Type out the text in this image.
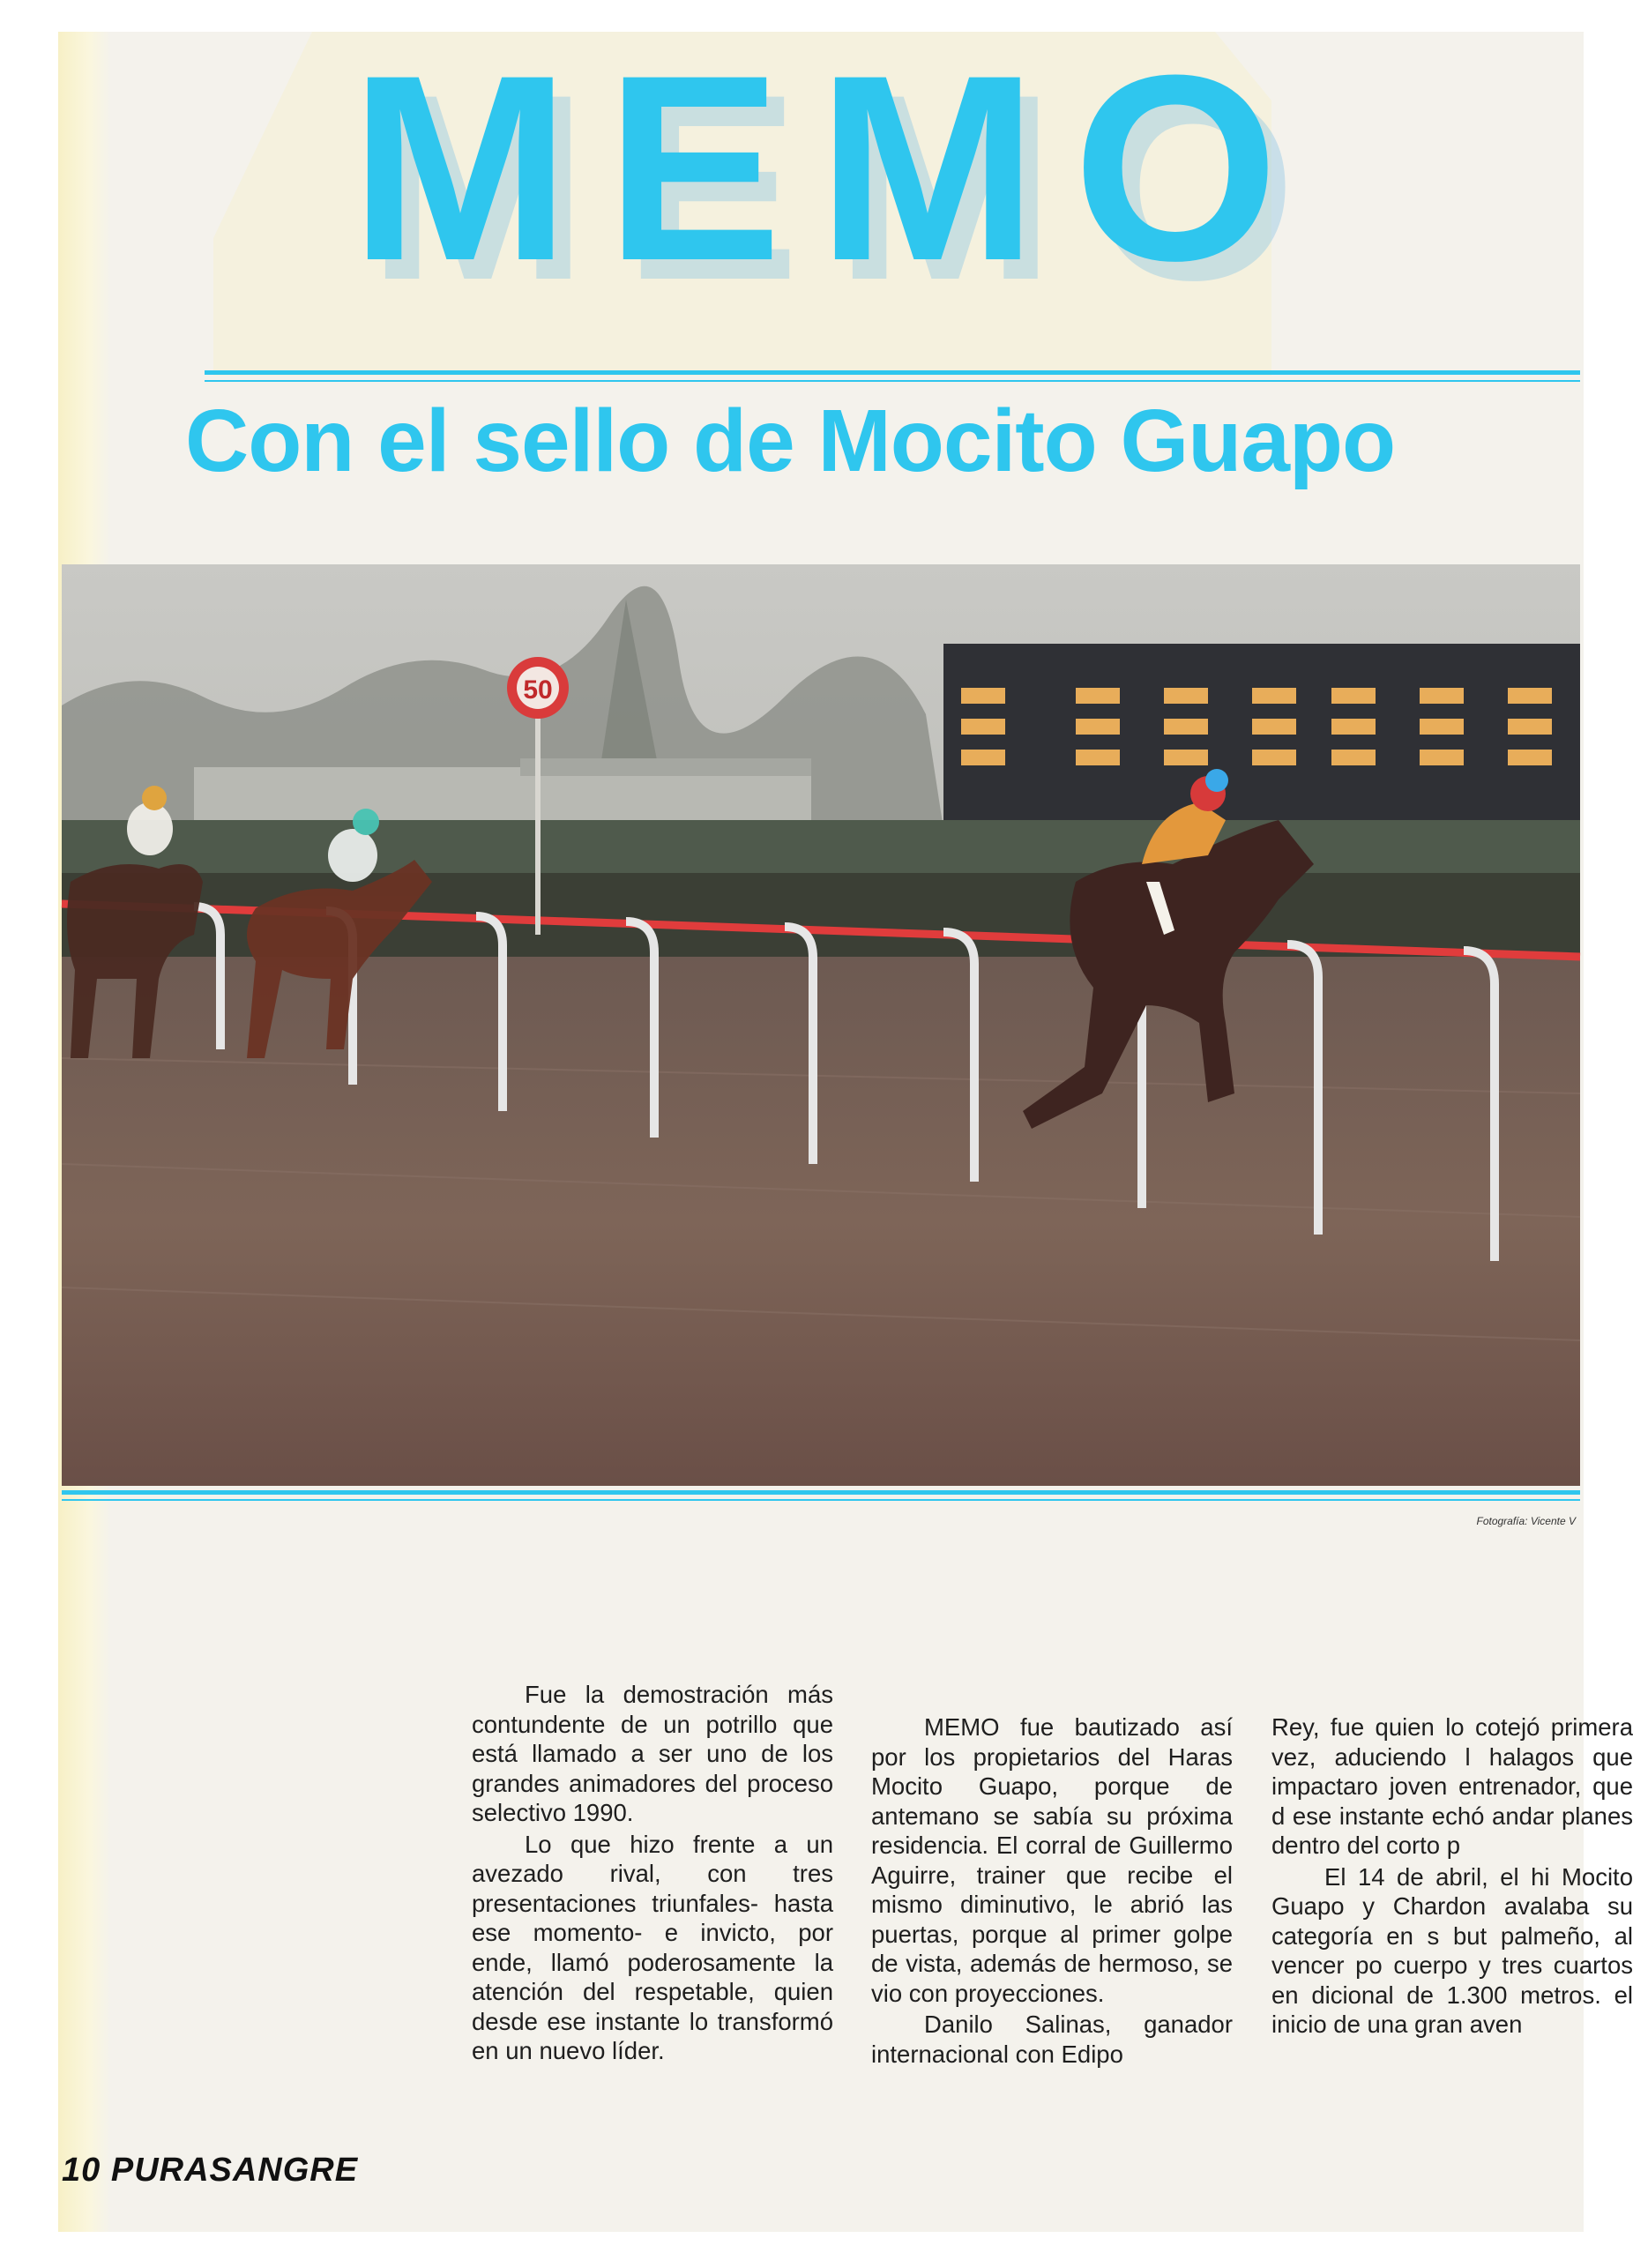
MEMO
Con el sello de Mocito Guapo
50
Fotografía: Vicente V

Fue la demostración más contundente de un potrillo que está llamado a ser uno de los grandes animadores del proceso selectivo 1990.

Lo que hizo frente a un avezado rival, con tres presentaciones triunfales- hasta ese momento- e invicto, por ende, llamó poderosamente la atención del respetable, quien desde ese instante lo transformó en un nuevo líder.

MEMO fue bautizado así por los propietarios del Haras Mocito Guapo, porque de antemano se sabía su próxima residencia. El corral de Guillermo Aguirre, trainer que recibe el mismo diminutivo, le abrió las puertas, porque al primer golpe de vista, además de hermoso, se vio con proyecciones.

Danilo Salinas, ganador internacional con Edipo

Rey, fue quien lo cotejó primera vez, aduciendo l halagos que impactaro joven entrenador, que d ese instante echó andar planes dentro del corto p

El 14 de abril, el hi Mocito Guapo y Chardon avalaba su categoría en s but palmeño, al vencer po cuerpo y tres cuartos en dicional de 1.300 metros. el inicio de una gran aven

10 PURASANGRE
